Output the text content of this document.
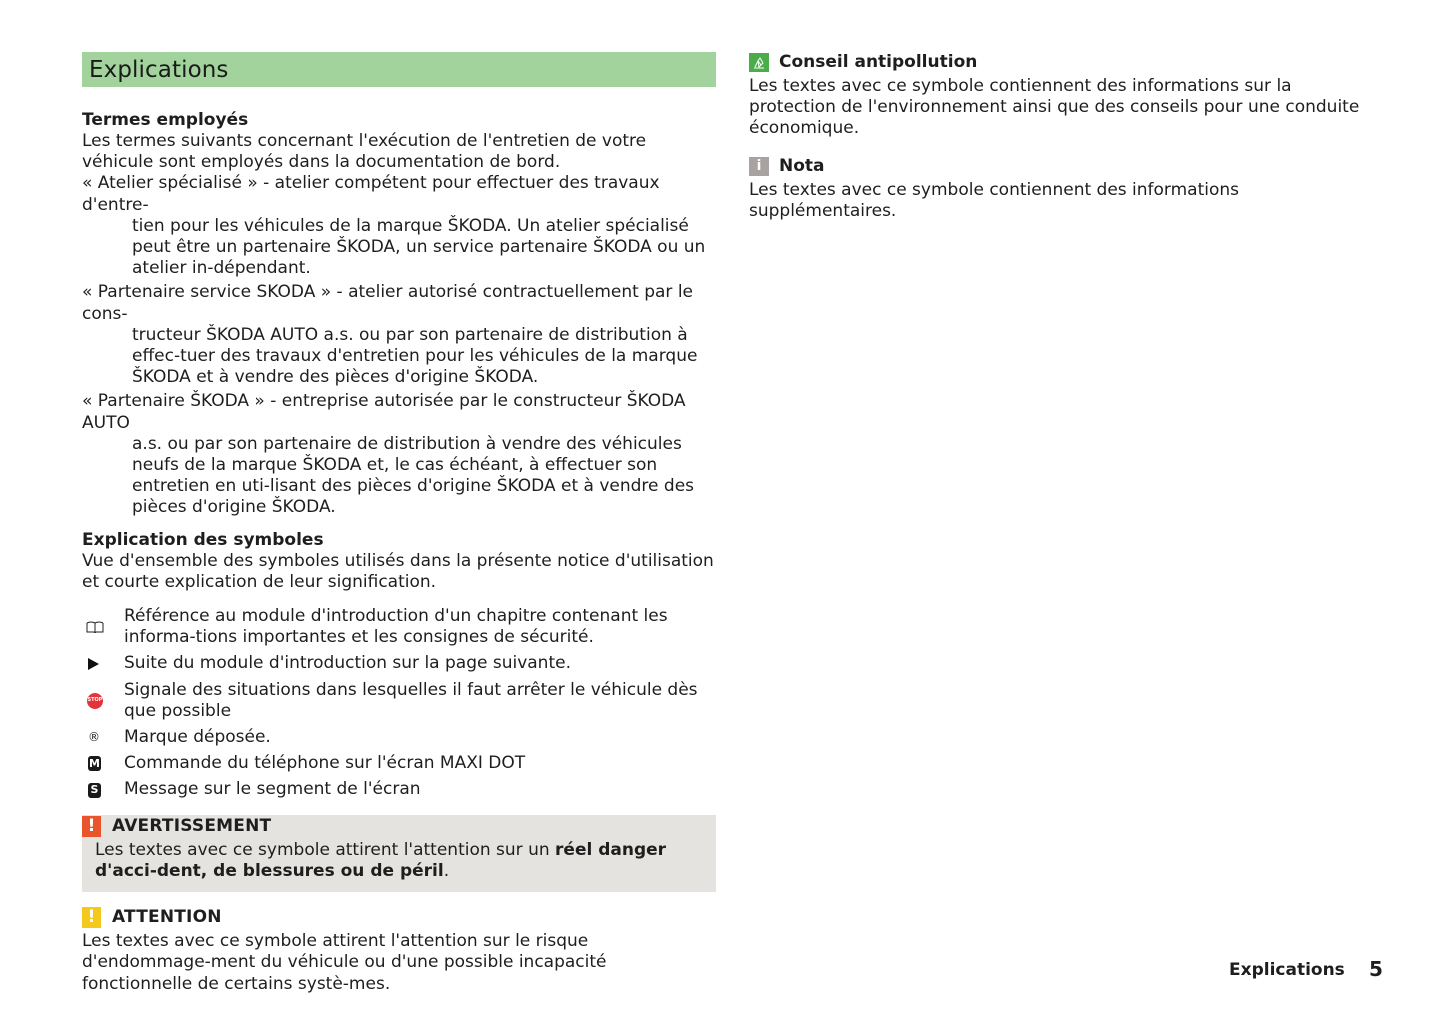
Explications
Termes employés
Les termes suivants concernant l'exécution de l'entretien de votre véhicule sont employés dans la documentation de bord.
« Atelier spécialisé » - atelier compétent pour effectuer des travaux d'entre-
tien pour les véhicules de la marque ŠKODA. Un atelier spécialisé peut être un partenaire ŠKODA, un service partenaire ŠKODA ou un atelier in-dépendant.
« Partenaire service SKODA » - atelier autorisé contractuellement par le cons-
tructeur ŠKODA AUTO a.s. ou par son partenaire de distribution à effec-tuer des travaux d'entretien pour les véhicules de la marque ŠKODA et à vendre des pièces d'origine ŠKODA.
« Partenaire ŠKODA » - entreprise autorisée par le constructeur ŠKODA AUTO
a.s. ou par son partenaire de distribution à vendre des véhicules neufs de la marque ŠKODA et, le cas échéant, à effectuer son entretien en uti-lisant des pièces d'origine ŠKODA et à vendre des pièces d'origine ŠKODA.
Explication des symboles
Vue d'ensemble des symboles utilisés dans la présente notice d'utilisation et courte explication de leur signification.
Référence au module d'introduction d'un chapitre contenant les informa-tions importantes et les consignes de sécurité.
Suite du module d'introduction sur la page suivante.
STOP
Signale des situations dans lesquelles il faut arrêter le véhicule dès que possible
® Marque déposée.
M Commande du téléphone sur l'écran MAXI DOT
S Message sur le segment de l'écran
! AVERTISSEMENT
Les textes avec ce symbole attirent l'attention sur un réel danger d'acci-dent, de blessures ou de péril.
! ATTENTION
Les textes avec ce symbole attirent l'attention sur le risque d'endommage-ment du véhicule ou d'une possible incapacité fonctionnelle de certains systè-mes.
Conseil antipollution
Les textes avec ce symbole contiennent des informations sur la protection de l'environnement ainsi que des conseils pour une conduite économique.
i	Nota
Les textes avec ce symbole contiennent des informations supplémentaires.
Explications 5
